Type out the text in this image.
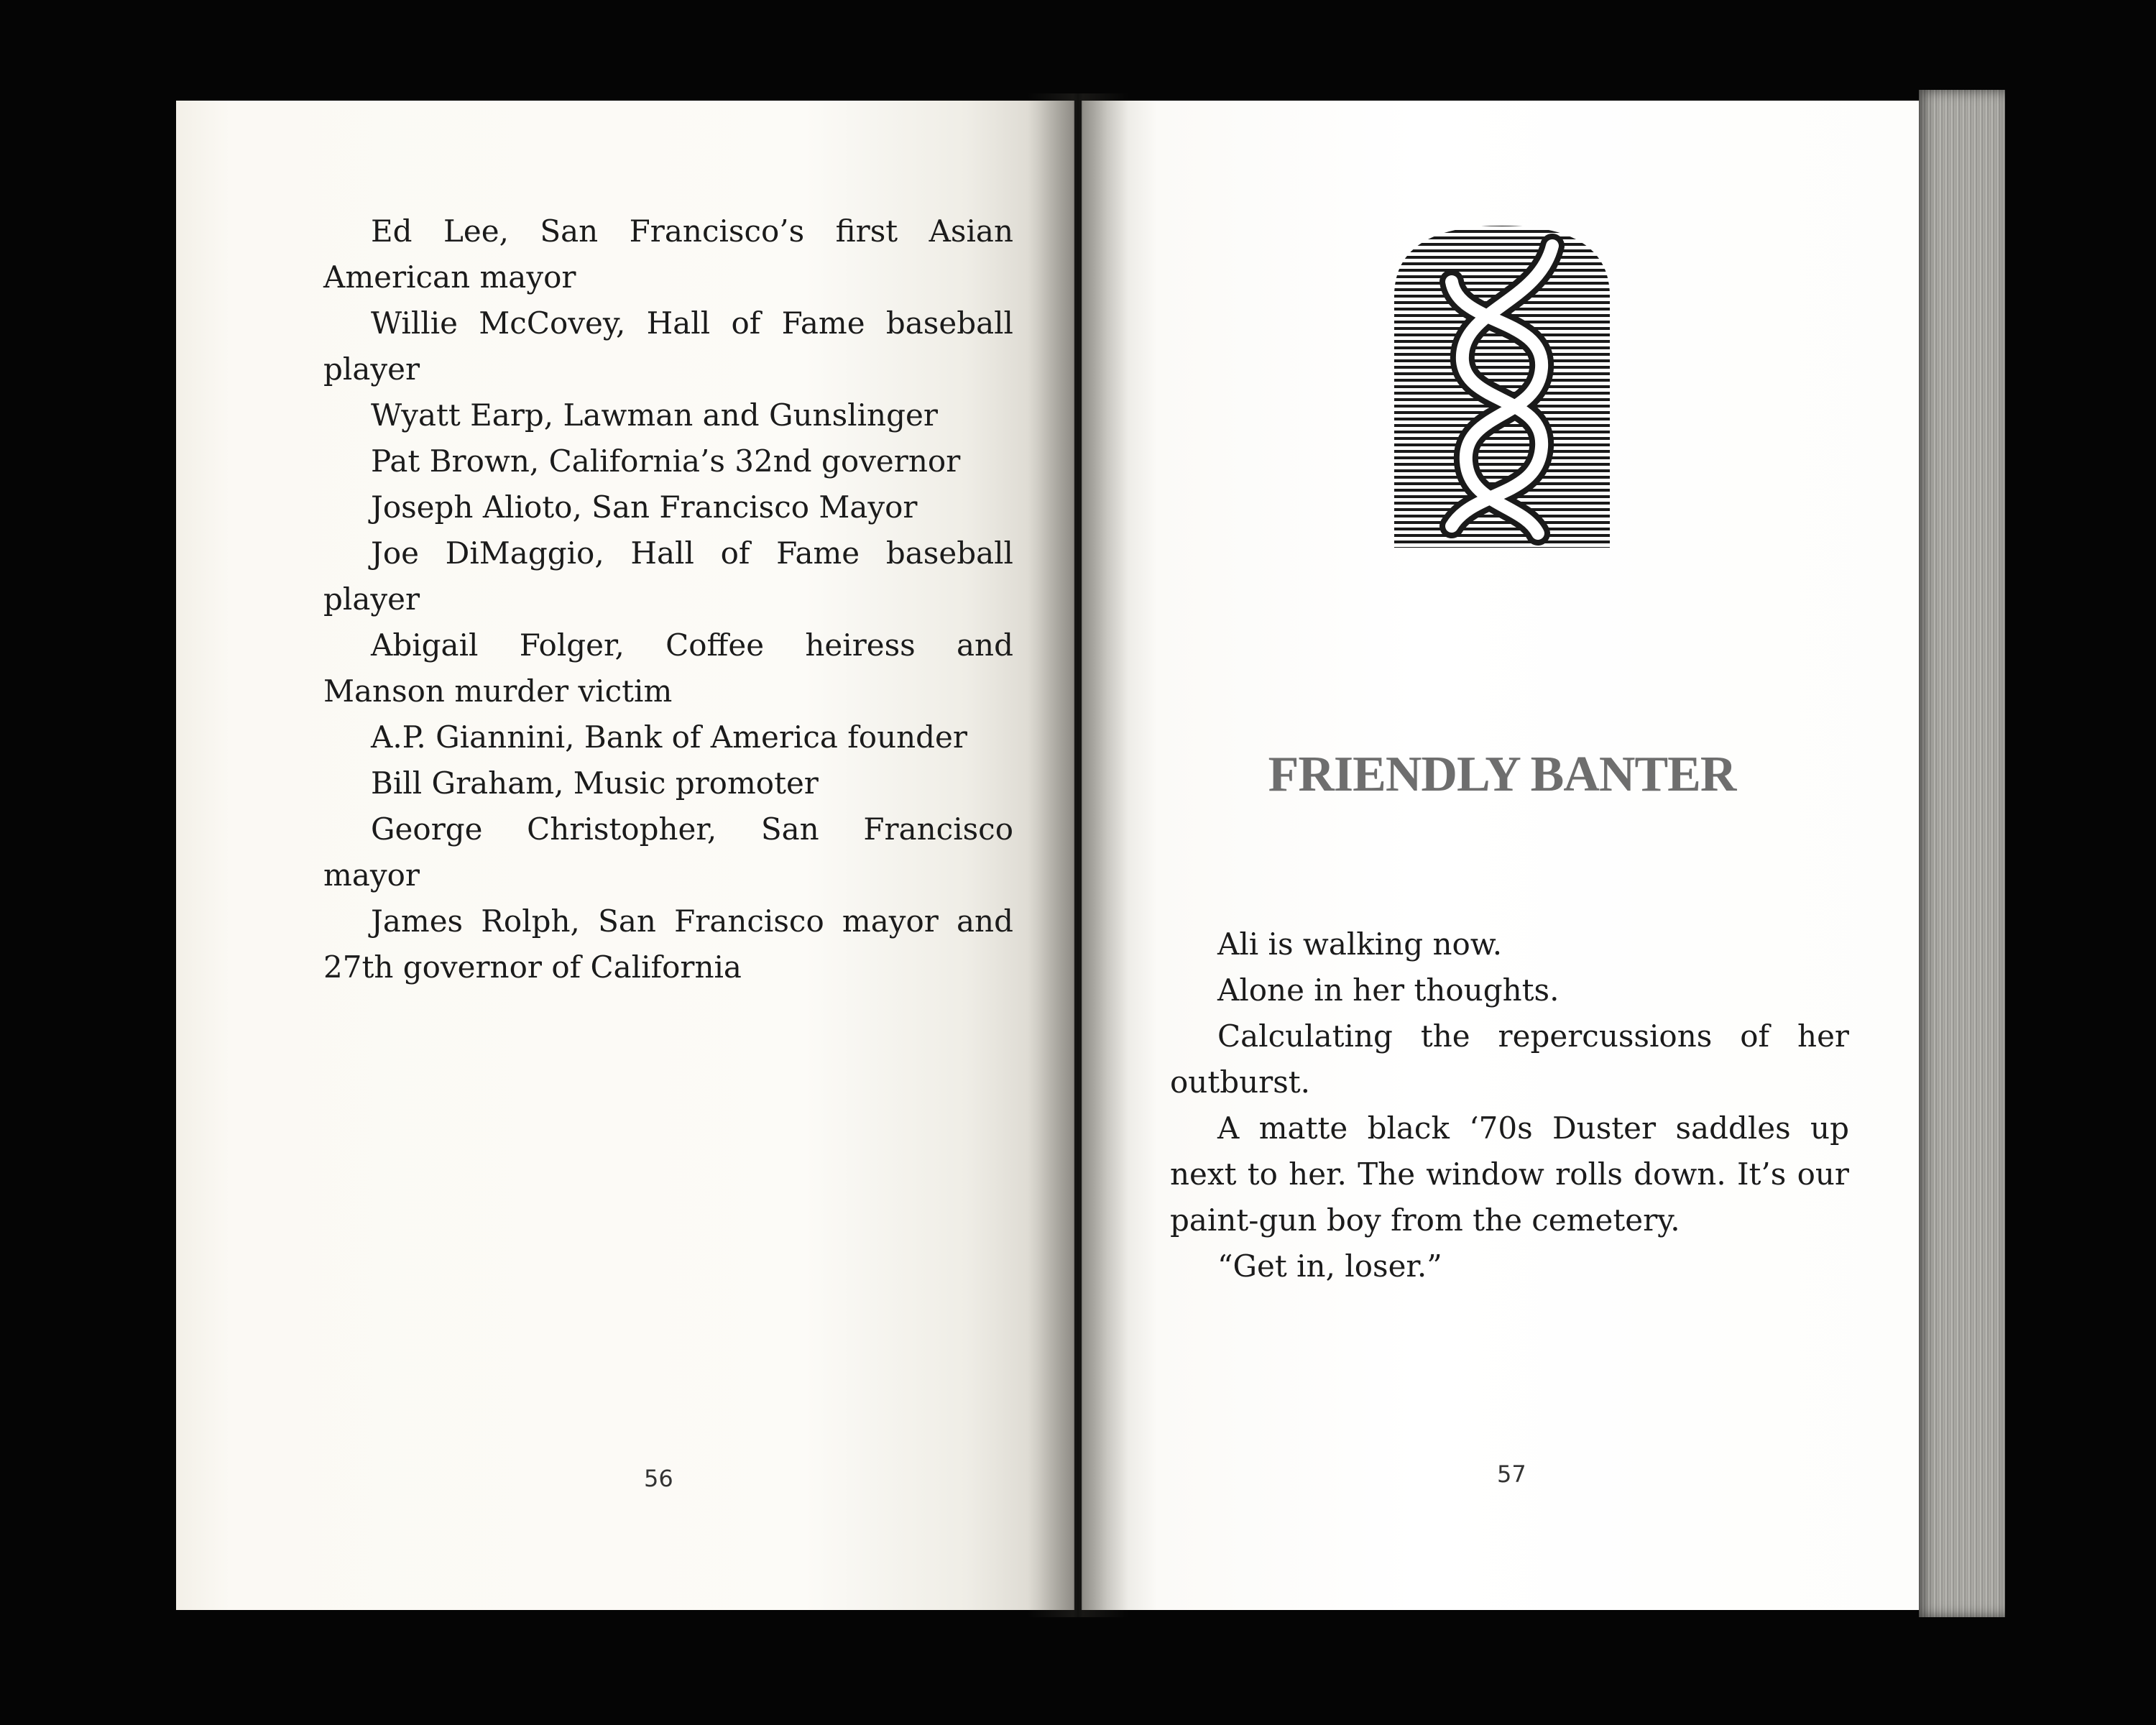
Ed Lee, San Francisco’s first Asian American mayor

Willie McCovey, Hall of Fame baseball player

Wyatt Earp, Lawman and Gunslinger

Pat Brown, California’s 32nd governor

Joseph Alioto, San Francisco Mayor

Joe DiMaggio, Hall of Fame baseball player

Abigail Folger, Coffee heiress and Manson murder victim

A.P. Giannini, Bank of America founder

Bill Graham, Music promoter

George Christopher, San Francisco mayor

James Rolph, San Francisco mayor and 27th governor of California

56

FRIENDLY BANTER

Ali is walking now.

Alone in her thoughts.

Calculating the repercussions of her outburst.

A matte black ‘70s Duster saddles up next to her. The window rolls down. It’s our paint-gun boy from the cemetery.

“Get in, loser.”

57
